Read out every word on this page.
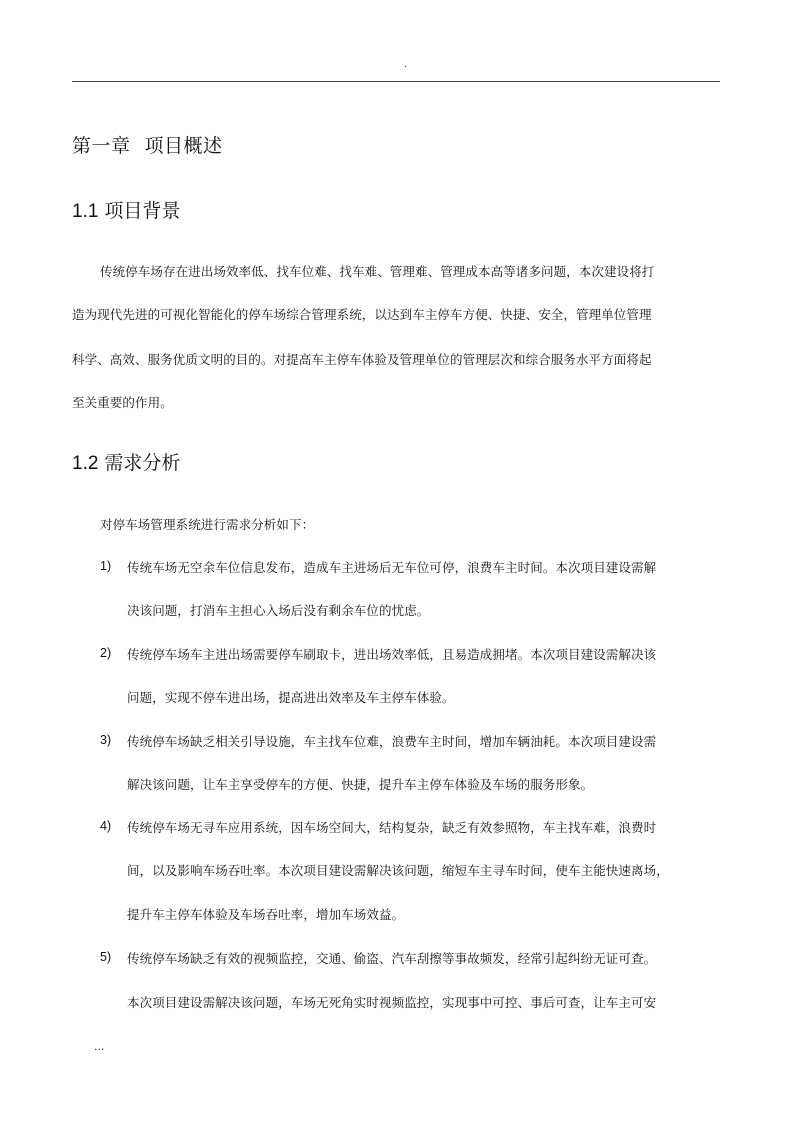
.
第一章 项目概述
1.1 项目背景
传统停车场存在进出场效率低、找车位难、找车难、管理难、管理成本高等诸多问题，本次建设将打
造为现代先进的可视化智能化的停车场综合管理系统，以达到车主停车方便、快捷、安全，管理单位管理
科学、高效、服务优质文明的目的。对提高车主停车体验及管理单位的管理层次和综合服务水平方面将起
至关重要的作用。
1.2 需求分析
对停车场管理系统进行需求分析如下：
1) 传统车场无空余车位信息发布，造成车主进场后无车位可停，浪费车主时间。本次项目建设需解
决该问题，打消车主担心入场后没有剩余车位的忧虑。
2) 传统停车场车主进出场需要停车刷取卡，进出场效率低，且易造成拥堵。本次项目建设需解决该
问题，实现不停车进出场，提高进出效率及车主停车体验。
3) 传统停车场缺乏相关引导设施，车主找车位难，浪费车主时间，增加车辆油耗。本次项目建设需
解决该问题，让车主享受停车的方便、快捷，提升车主停车体验及车场的服务形象。
4) 传统停车场无寻车应用系统，因车场空间大，结构复杂，缺乏有效参照物，车主找车难，浪费时
间，以及影响车场吞吐率。本次项目建设需解决该问题，缩短车主寻车时间，使车主能快速离场，
提升车主停车体验及车场吞吐率，增加车场效益。
5) 传统停车场缺乏有效的视频监控，交通、偷盗、汽车刮擦等事故频发，经常引起纠纷无证可查。
本次项目建设需解决该问题，车场无死角实时视频监控，实现事中可控、事后可查，让车主可安
...
